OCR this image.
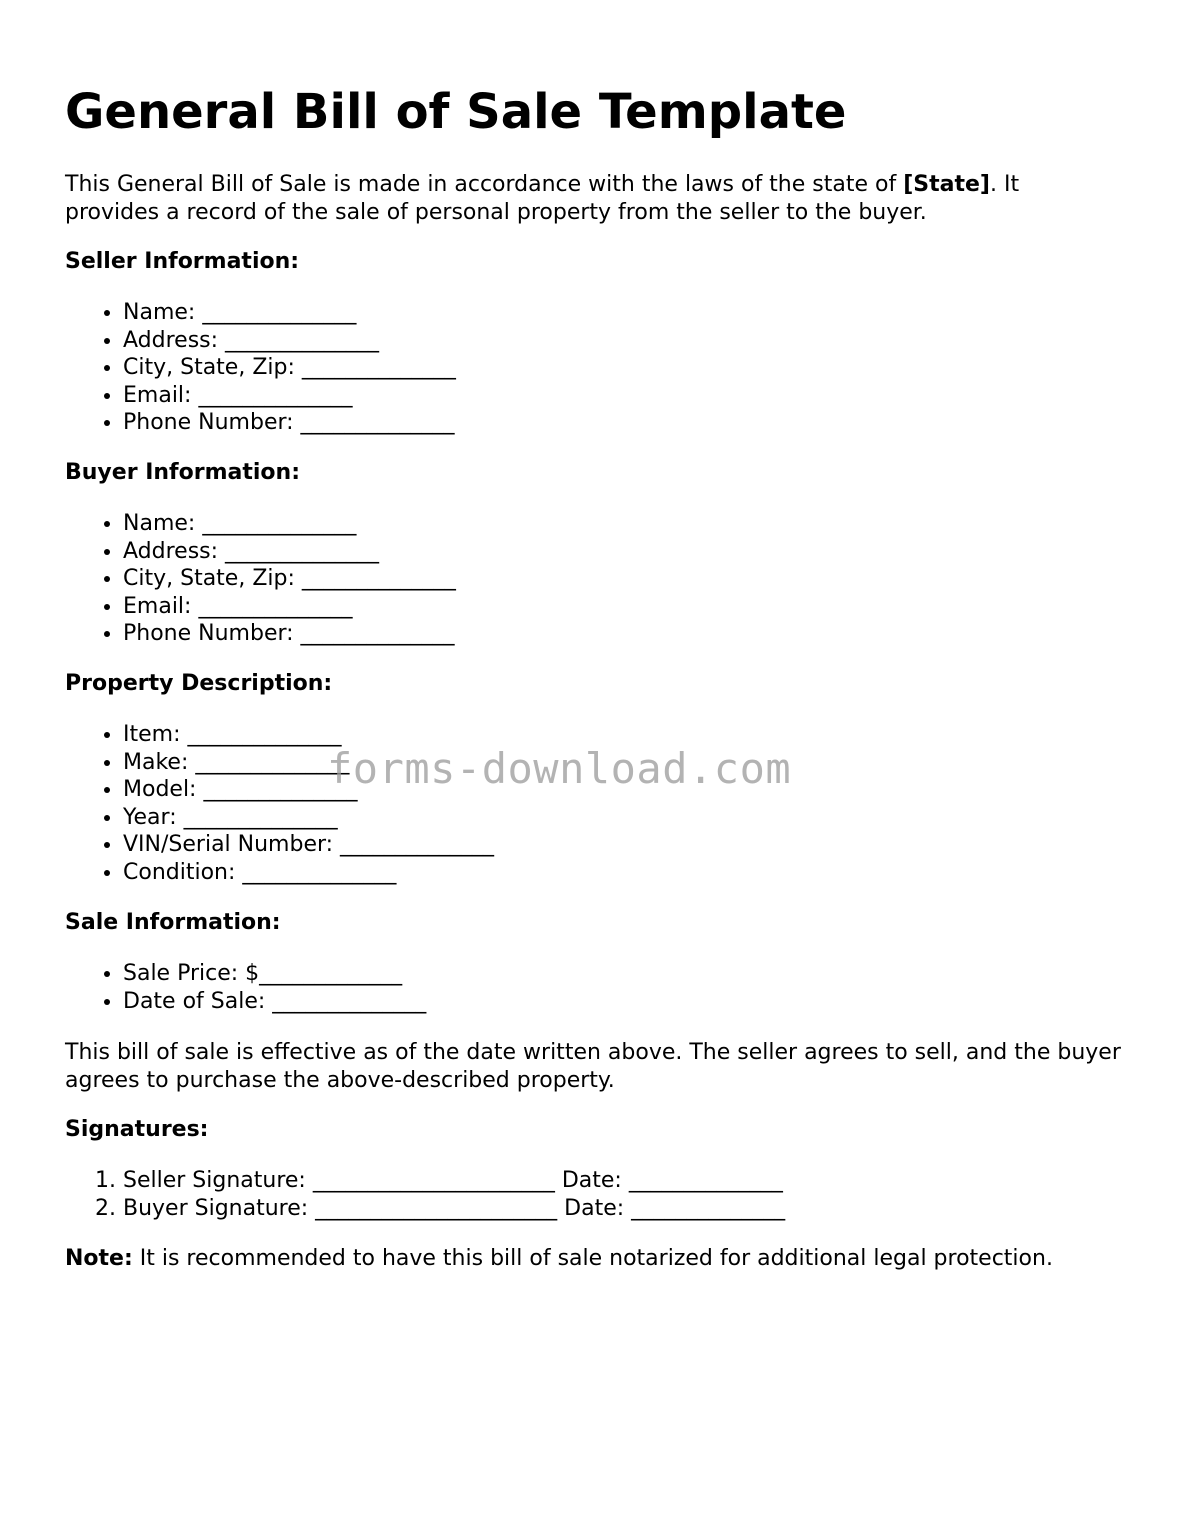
General Bill of Sale Template

This General Bill of Sale is made in accordance with the laws of the state of [State]. It provides a record of the sale of personal property from the seller to the buyer.

Seller Information:
• Name: ______________
• Address: ______________
• City, State, Zip: ______________
• Email: ______________
• Phone Number: ______________
Buyer Information:
• Name: ______________
• Address: ______________
• City, State, Zip: ______________
• Email: ______________
• Phone Number: ______________
Property Description:
• Item: ______________
• Make: ______________
• Model: ______________
• Year: ______________
• VIN/Serial Number: ______________
• Condition: ______________
Sale Information:
• Sale Price: $_____________
• Date of Sale: ______________

This bill of sale is effective as of the date written above. The seller agrees to sell, and the buyer agrees to purchase the above-described property.

Signatures:
1. Seller Signature: ______________________ Date: ______________
2. Buyer Signature: ______________________ Date: ______________

Note: It is recommended to have this bill of sale notarized for additional legal protection.

forms-download.com
